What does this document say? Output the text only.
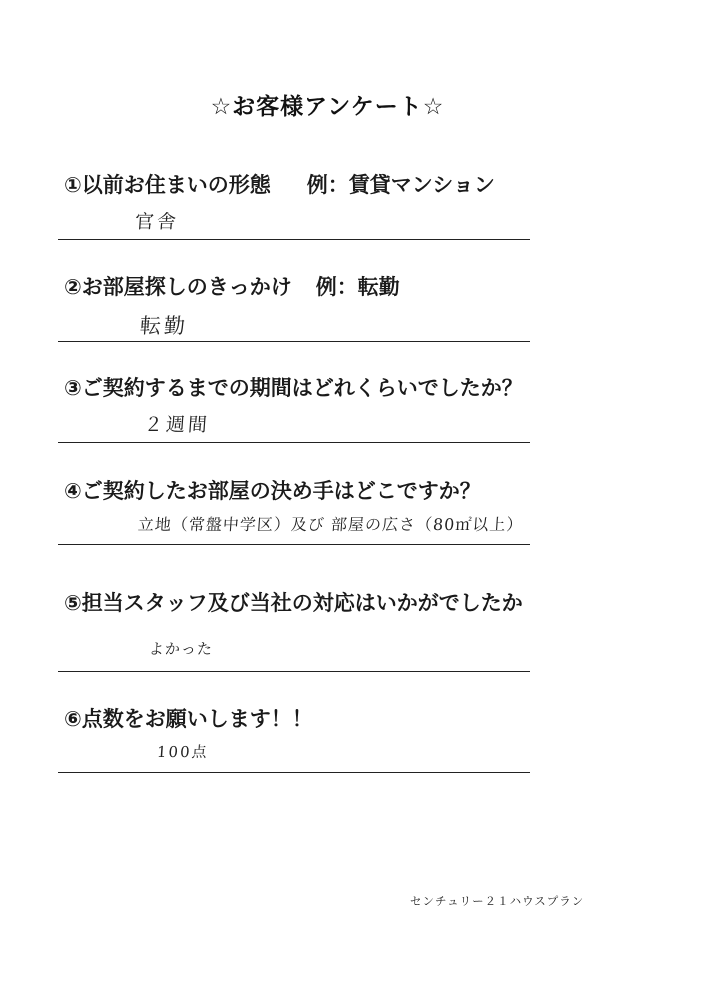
☆お客様アンケート☆
①以前お住まいの形態 例：賃貸マンション
官舎
②お部屋探しのきっかけ 例：転勤
転勤
③ご契約するまでの期間はどれくらいでしたか？
２週間
④ご契約したお部屋の決め手はどこですか？
立地（常盤中学区）及び 部屋の広さ（80㎡以上）
⑤担当スタッフ及び当社の対応はいかがでしたか
よかった
⑥点数をお願いします！！
100点
センチュリー２１ハウスプラン
